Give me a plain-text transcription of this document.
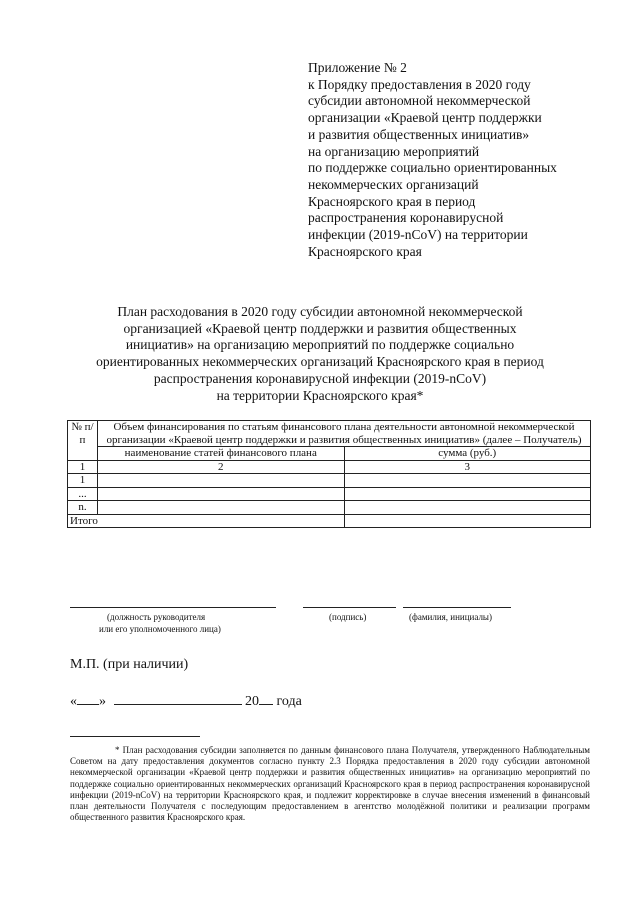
Приложение № 2
к Порядку предоставления в 2020 году
субсидии автономной некоммерческой
организации «Краевой центр поддержки
и развития общественных инициатив»
на организацию мероприятий
по поддержке социально ориентированных
некоммерческих организаций
Красноярского края в период
распространения коронавирусной
инфекции (2019-nCoV) на территории
Красноярского края
План расходования в 2020 году субсидии автономной некоммерческой
организацией «Краевой центр поддержки и развития общественных
инициатив» на организацию мероприятий по поддержке социально
ориентированных некоммерческих организаций Красноярского края в период
распространения коронавирусной инфекции (2019-nCoV)
на территории Красноярского края*
№ п/п	Объем финансирования по статьям финансового плана деятельности автономной некоммерческой организации «Краевой центр поддержки и развития общественных инициатив» (далее – Получатель)	
	наименование статей финансового плана	сумма (руб.)
1	2	3
1		
...		
n.		
Итого		
(должность руководителя
или его уполномоченного лица)
(подпись)	(фамилия, инициалы)
М.П. (при наличии)
« »	20 года
* План расходования субсидии заполняется по данным финансового плана Получателя, утвержденного Наблюдательным Советом на дату предоставления документов согласно пункту 2.3 Порядка предоставления в 2020 году субсидии автономной некоммерческой организации «Краевой центр поддержки и развития общественных инициатив» на организацию мероприятий по поддержке социально ориентированных некоммерческих организаций Красноярского края в период распространения коронавирусной инфекции (2019-nCoV) на территории Красноярского края, и подлежит корректировке в случае внесения изменений в финансовый план деятельности Получателя с последующим предоставлением в агентство молодёжной политики и реализации программ общественного развития Красноярского края.
